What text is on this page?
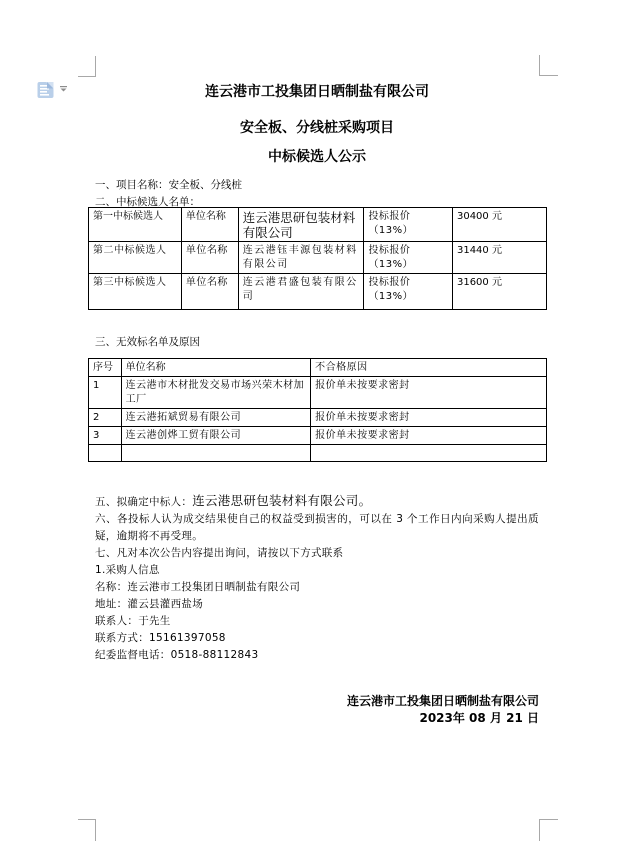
连云港市工投集团日晒制盐有限公司
安全板、分线桩采购项目
中标候选人公示
一、项目名称：安全板、分线桩
二、中标候选人名单：
第一中标候选人	单位名称	连云港思研包装材料有限公司	投标报价（13%）	30400 元
第二中标候选人	单位名称	连云港钰丰源包装材料有限公司	投标报价（13%）	31440 元
第三中标候选人	单位名称	连云港君盛包装有限公司	投标报价（13%）	31600 元
三、无效标名单及原因
序号	单位名称	不合格原因
1	连云港市木材批发交易市场兴荣木材加工厂	报价单未按要求密封
2	连云港拓斌贸易有限公司	报价单未按要求密封
3	连云港创烨工贸有限公司	报价单未按要求密封

五、拟确定中标人：连云港思研包装材料有限公司。

六、各投标人认为成交结果使自己的权益受到损害的，可以在 3 个工作日内向采购人提出质疑，逾期将不再受理。

七、凡对本次公告内容提出询问，请按以下方式联系

1.采购人信息

名称：连云港市工投集团日晒制盐有限公司

地址：灌云县灌西盐场

联系人：于先生

联系方式：15161397058

纪委监督电话：0518-88112843

连云港市工投集团日晒制盐有限公司
2023年 08 月 21 日
